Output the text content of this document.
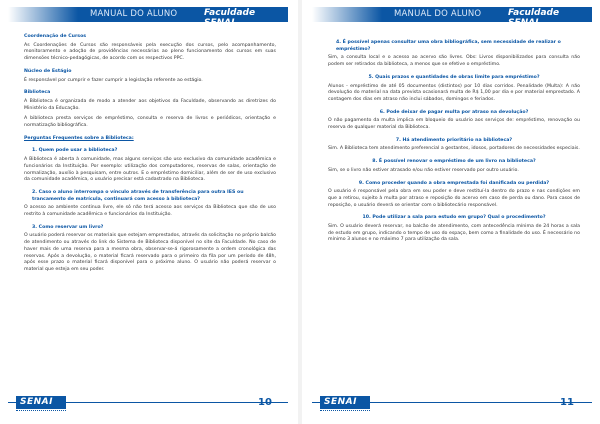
MANUAL DO ALUNO	Faculdade SENAI
Coordenação de Cursos
As Coordenações de Cursos são responsáveis pela execução dos cursos, pelo acompanhamento, monitoramento e adoção de providências necessárias ao pleno funcionamento dos cursos em suas dimensões técnico-pedagógicas, de acordo com os respectivos PPC.
Núcleo de Estágio
É responsável por cumprir e fazer cumprir a legislação referente ao estágio.
Biblioteca
A Biblioteca é organizada de modo a atender aos objetivos da Faculdade, observando as diretrizes do Ministério da Educação.
A biblioteca presta serviços de empréstimo, consulta e reserva de livros e periódicos, orientação e normatização bibliográfica.
Perguntas Frequentes sobre a Biblioteca:
1. Quem pode usar a biblioteca?
A Biblioteca é aberta à comunidade, mas alguns serviços são uso exclusivo da comunidade acadêmica e funcionários da Instituição. Por exemplo: utilização dos computadores, reservas de salas, orientação de normalização, auxílio à pesquisam, entre outros. E o empréstimo domiciliar, além de ser de uso exclusivo da comunidade acadêmica, o usuário precisar está cadastrado na Biblioteca.
2. Caso o aluno interrompa o vínculo através de transferência para outra IES ou trancamento de matrícula, continuará com acesso à biblioteca?
O acesso ao ambiente continua livre, ele só não terá acesso aos serviços da Biblioteca que são de uso restrito à comunidade acadêmica e funcionários da Instituição.
3. Como reservar um livro?
O usuário poderá reservar os materiais que estejam emprestados, através da solicitação no próprio balcão de atendimento ou através do link do Sistema de Biblioteca disponível no site da Faculdade. No caso de haver mais de uma reserva para a mesma obra, observar-se-á rigorosamente a ordem cronológica das reservas. Após a devolução, o material ficará reservado para o primeiro da fila por um período de 48h, após esse prazo o material ficará disponível para o próximo aluno. O usuário não poderá reservar o material que esteja em seu poder.
SENAI	10
MANUAL DO ALUNO	Faculdade SENAI
4. É possível apenas consultar uma obra bibliográfica, sem necessidade de realizar o empréstimo?
Sim, a consulta local e o acesso ao acervo são livres. Obs: Livros disponibilizados para consulta não podem ser retirados da biblioteca, a menos que se efetive o empréstimo.
5. Quais prazos e quantidades de obras limite para empréstimo?
Alunos - empréstimo de até 05 documentos (distintos) por 10 dias corridos. Penalidade (Multa): A não devolução do material na data prevista ocasionará multa de R$ 1,00 por dia e por material emprestado. A contagem dos dias em atraso não inclui sábados, domingos e feriados.
6. Pode deixar de pagar multa por atraso na devolução?
O não pagamento da multa implica em bloqueio do usuário aos serviços de: empréstimo, renovação ou reserva de qualquer material da Biblioteca.
7. Há atendimento prioritário na biblioteca?
Sim. A Biblioteca tem atendimento preferencial a gestantes, idosos, portadores de necessidades especiais.
8. É possível renovar o empréstimo de um livro na biblioteca?
Sim, se o livro não estiver atrasado e/ou não estiver reservado por outro usuário.
9. Como proceder quando a obra emprestada foi danificada ou perdida?
O usuário é responsável pela obra em seu poder e deve restituí-la dentro do prazo e nas condições em que a retirou, sujeito à multa por atraso e reposição do acervo em caso de perda ou dano. Para casos de reposição, o usuário deverá se orientar com o bibliotecário responsável.
10. Pode utilizar a sala para estudo em grupo? Qual o procedimento?
Sim. O usuário deverá reservar, no balcão de atendimento, com antecedência mínima de 24 horas a sala de estudo em grupo, indicando o tempo de uso do espaço, bem como a finalidade do uso. É necessário no mínimo 3 alunos e no máximo 7 para utilização da sala.
SENAI	11
